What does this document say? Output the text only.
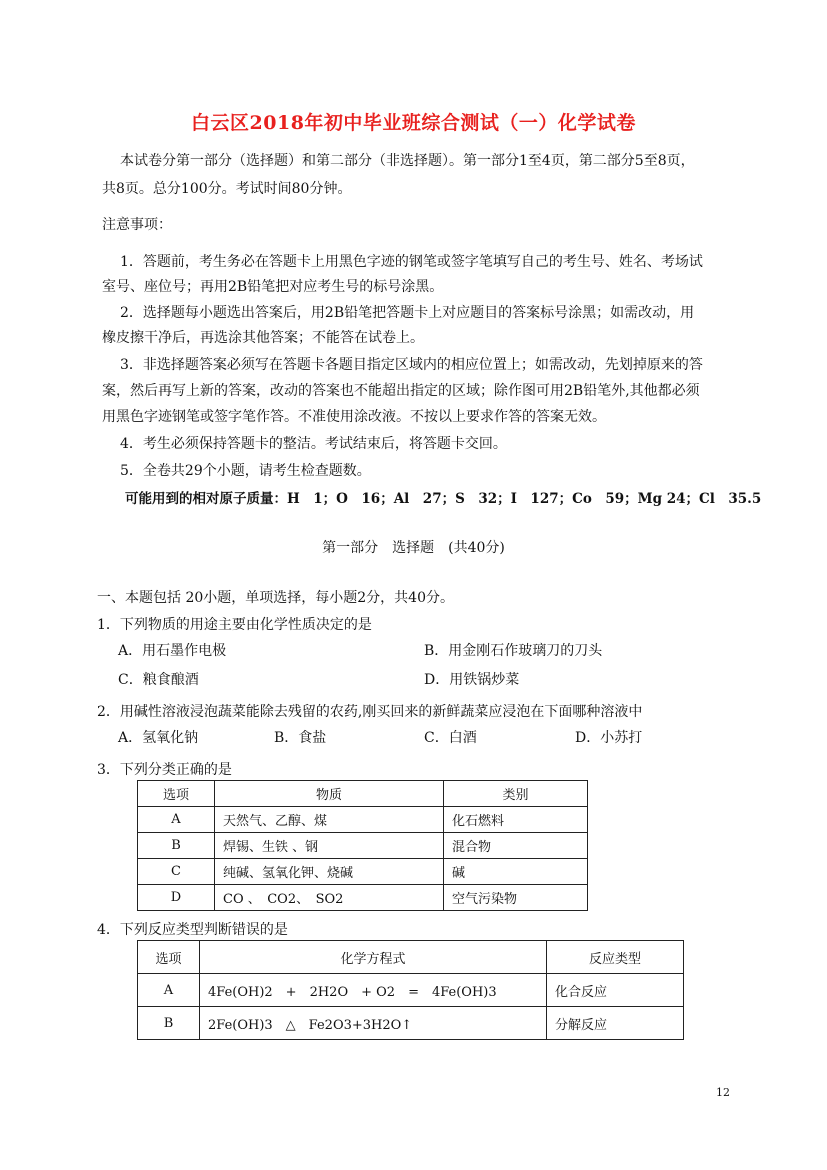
白云区2018年初中毕业班综合测试（一）化学试卷
本试卷分第一部分（选择题）和第二部分（非选择题）。第一部分1至4页，第二部分5至8页，
共8页。总分100分。考试时间80分钟。
注意事项：
1．答题前，考生务必在答题卡上用黑色字迹的钢笔或签字笔填写自己的考生号、姓名、考场试
室号、座位号；再用2B铅笔把对应考生号的标号涂黑。
2．选择题每小题选出答案后，用2B铅笔把答题卡上对应题目的答案标号涂黑；如需改动，用
橡皮擦干净后，再选涂其他答案；不能答在试卷上。
3．非选择题答案必须写在答题卡各题目指定区域内的相应位置上；如需改动，先划掉原来的答
案，然后再写上新的答案，改动的答案也不能超出指定的区域；除作图可用2B铅笔外,其他都必须
用黑色字迹钢笔或签字笔作答。不准使用涂改液。不按以上要求作答的答案无效。
4．考生必须保持答题卡的整洁。考试结束后，将答题卡交回。
5．全卷共29个小题，请考生检查题数。
可能用到的相对原子质量：H　1；O　16；Al　27；S　32；I　127；Co　59；Mg 24；Cl　35.5
第一部分　选择题　(共40分)
一、本题包括 20小题，单项选择，每小题2分，共40分。
1．下列物质的用途主要由化学性质决定的是
A．用石墨作电极	B．用金刚石作玻璃刀的刀头
C．粮食酿酒	D．用铁锅炒菜
2．用碱性溶液浸泡蔬菜能除去残留的农药,刚买回来的新鲜蔬菜应浸泡在下面哪种溶液中
A．氢氧化钠	B．食盐	C．白酒	D．小苏打
3．下列分类正确的是
选项	物质	类别
A	天然气、乙醇、煤	化石燃料
B	焊锡、生铁 、钢	混合物
C	纯碱、氢氧化钾、烧碱	碱
D	CO 、　CO2、　SO2	空气污染物
4．下列反应类型判断错误的是
选项	化学方程式	反应类型
A	4Fe(OH)2　+　2H2O　+ O2　=　4Fe(OH)3	化合反应
B	2Fe(OH)3　△　Fe2O3+3H2O↑	分解反应
12
